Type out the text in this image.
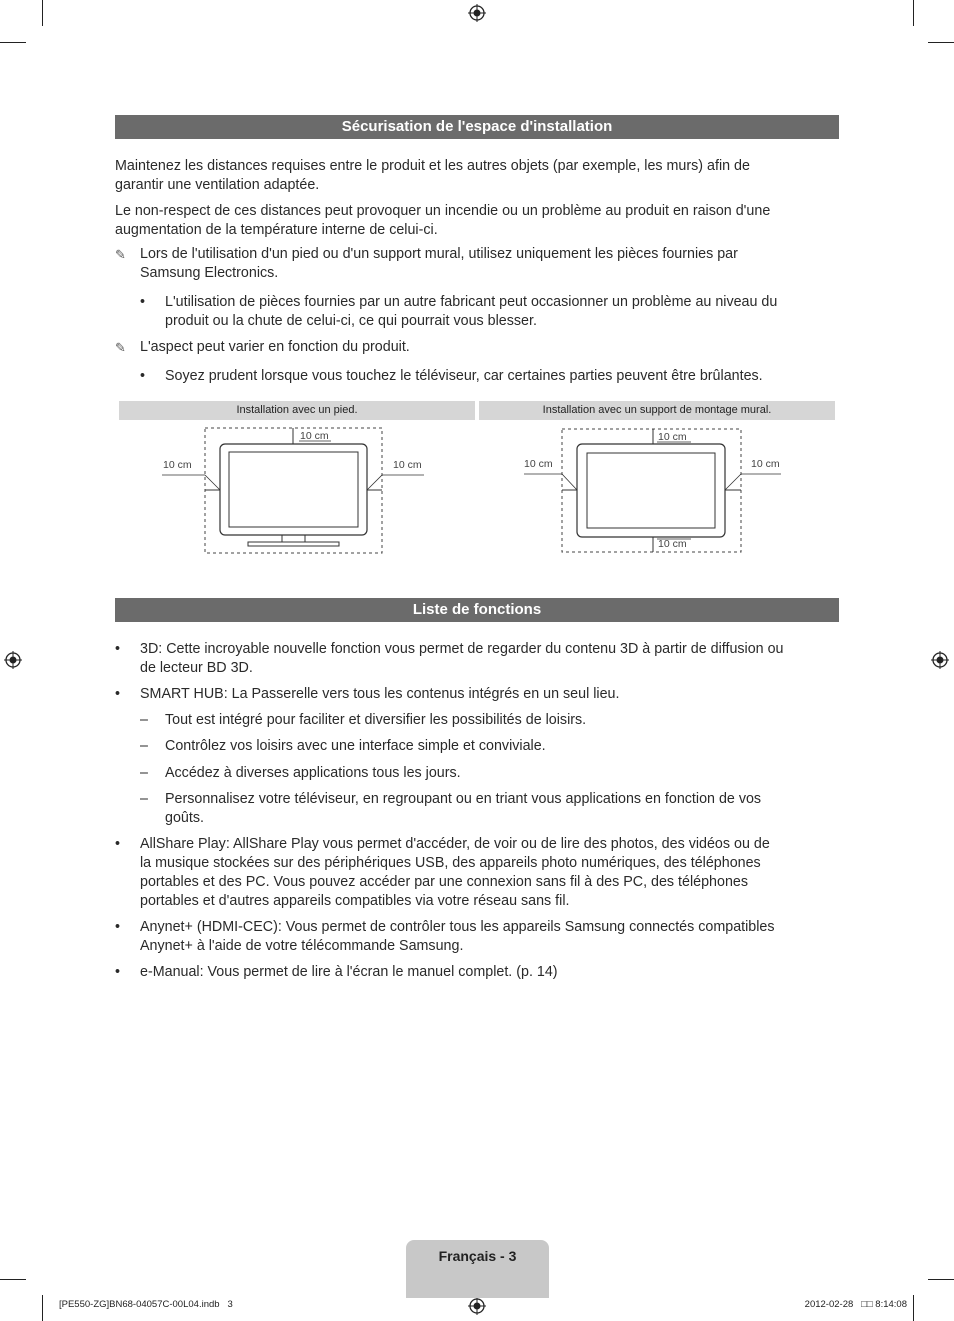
Sécurisation de l'espace d'installation

Maintenez les distances requises entre le produit et les autres objets (par exemple, les murs) afin de
garantir une ventilation adaptée.

Le non-respect de ces distances peut provoquer un incendie ou un problème au produit en raison d'une
augmentation de la température interne de celui-ci.

✎ Lors de l'utilisation d'un pied ou d'un support mural, utilisez uniquement les pièces fournies par
Samsung Electronics.
• L'utilisation de pièces fournies par un autre fabricant peut occasionner un problème au niveau du
produit ou la chute de celui-ci, ce qui pourrait vous blesser.
✎ L'aspect peut varier en fonction du produit.
• Soyez prudent lorsque vous touchez le téléviseur, car certaines parties peuvent être brûlantes.
Installation avec un pied.	Installation avec un support de montage mural.
10 cm
10 cm	10 cm
10 cm
10 cm	10 cm
10 cm
Liste de fonctions
• 3D: Cette incroyable nouvelle fonction vous permet de regarder du contenu 3D à partir de diffusion ou
de lecteur BD 3D.
• SMART HUB: La Passerelle vers tous les contenus intégrés en un seul lieu.
– Tout est intégré pour faciliter et diversifier les possibilités de loisirs.
– Contrôlez vos loisirs avec une interface simple et conviviale.
– Accédez à diverses applications tous les jours.
– Personnalisez votre téléviseur, en regroupant ou en triant vous applications en fonction de vos
goûts.
• AllShare Play: AllShare Play vous permet d'accéder, de voir ou de lire des photos, des vidéos ou de
la musique stockées sur des périphériques USB, des appareils photo numériques, des téléphones
portables et des PC. Vous pouvez accéder par une connexion sans fil à des PC, des téléphones
portables et d'autres appareils compatibles via votre réseau sans fil.
• Anynet+ (HDMI-CEC): Vous permet de contrôler tous les appareils Samsung connectés compatibles
Anynet+ à l'aide de votre télécommande Samsung.
• e-Manual: Vous permet de lire à l'écran le manuel complet. (p. 14)
Français - 3
[PE550-ZG]BN68-04057C-00L04.indb   3	2012-02-28   □□ 8:14:08
